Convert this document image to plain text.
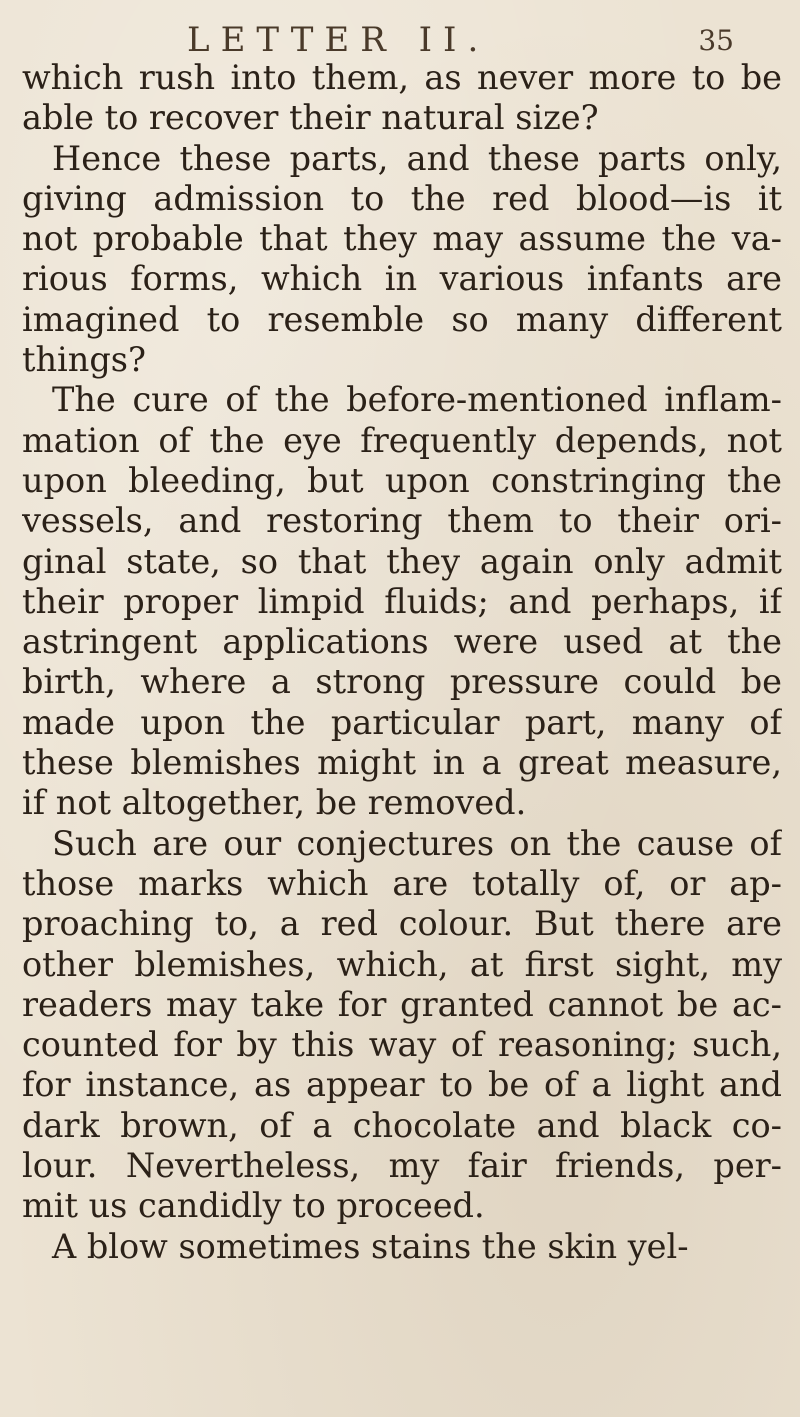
LETTER II.	35
which rush into them, as never more to be
able to recover their natural size?
Hence these parts, and these parts only,
giving admission to the red blood—is it
not probable that they may assume the va-
rious forms, which in various infants are
imagined to resemble so many different
things?
The cure of the before-mentioned inflam-
mation of the eye frequently depends, not
upon bleeding, but upon constringing the
vessels, and restoring them to their ori-
ginal state, so that they again only admit
their proper limpid fluids; and perhaps, if
astringent applications were used at the
birth, where a strong pressure could be
made upon the particular part, many of
these blemishes might in a great measure,
if not altogether, be removed.
Such are our conjectures on the cause of
those marks which are totally of, or ap-
proaching to, a red colour. But there are
other blemishes, which, at first sight, my
readers may take for granted cannot be ac-
counted for by this way of reasoning; such,
for instance, as appear to be of a light and
dark brown, of a chocolate and black co-
lour. Nevertheless, my fair friends, per-
mit us candidly to proceed.
A blow sometimes stains the skin yel-
